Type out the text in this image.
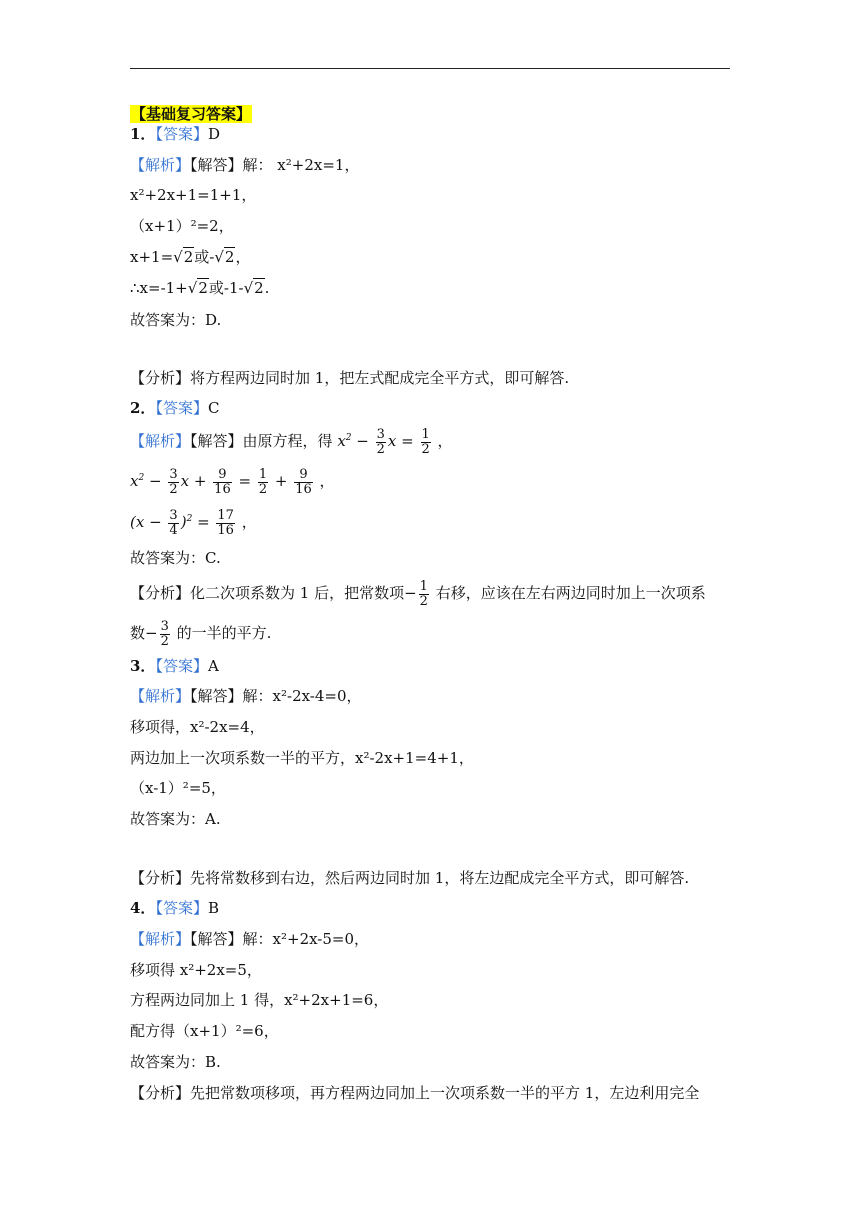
【基础复习答案】
1．【答案】D
【解析】【解答】解： x²+2x=1，
x²+2x+1=1+1，
（x+1）²=2，
x+1=√2或-√2，
∴x=-1+√2或-1-√2.
故答案为：D.
【分析】将方程两边同时加 1，把左式配成完全平方式，即可解答.
2．【答案】C
【解析】【解答】由原方程，得 $x^2 - \frac{3}{2}$ $x = \frac{1}{2}$ ，
$x^2 - \frac{3}{2}$ $x + \frac{9}{16} = \frac{1}{2} + \frac{9}{16}$ ，
$(x - \frac{3}{4} )^2 = \frac{17}{16}$ ，
故答案为：C.
【分析】化二次项系数为 1 后，把常数项− $\frac{1}{2}$ 右移，应该在左右两边同时加上一次项系
数− $\frac{3}{2}$ 的一半的平方.
3．【答案】A
【解析】【解答】解：x²-2x-4=0，
移项得，x²-2x=4，
两边加上一次项系数一半的平方，x²-2x+1=4+1，
（x-1）²=5，
故答案为：A.
【分析】先将常数移到右边，然后两边同时加 1，将左边配成完全平方式，即可解答.
4．【答案】B
【解析】【解答】解：x²+2x-5=0，
移项得 x²+2x=5，
方程两边同加上 1 得，x²+2x+1=6，
配方得（x+1）²=6，
故答案为：B.
【分析】先把常数项移项，再方程两边同加上一次项系数一半的平方 1，左边利用完全
